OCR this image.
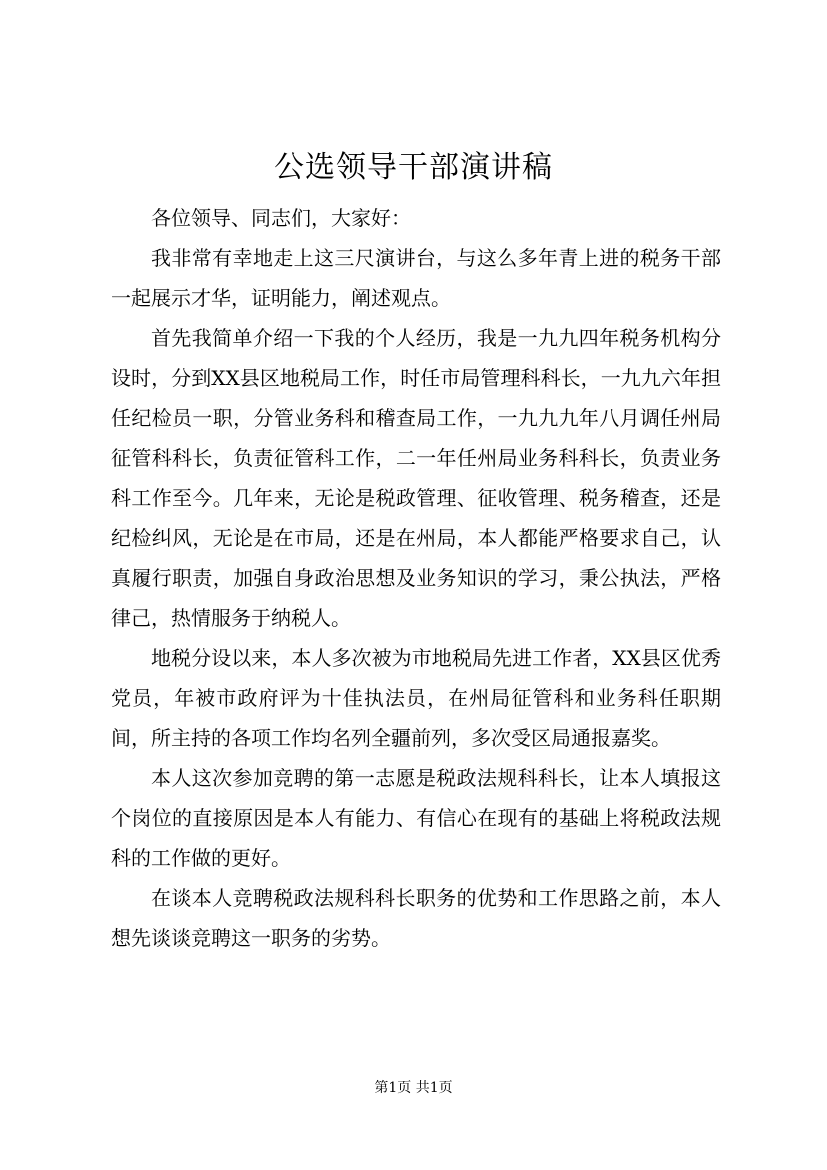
公选领导干部演讲稿

各位领导、同志们，大家好：

我非常有幸地走上这三尺演讲台，与这么多年青上进的税务干部一起展示才华，证明能力，阐述观点。

首先我简单介绍一下我的个人经历，我是一九九四年税务机构分设时，分到XX县区地税局工作，时任市局管理科科长，一九九六年担任纪检员一职，分管业务科和稽查局工作，一九九九年八月调任州局征管科科长，负责征管科工作，二一年任州局业务科科长，负责业务科工作至今。几年来，无论是税政管理、征收管理、税务稽查，还是纪检纠风，无论是在市局，还是在州局，本人都能严格要求自己，认真履行职责，加强自身政治思想及业务知识的学习，秉公执法，严格律己，热情服务于纳税人。

地税分设以来，本人多次被为市地税局先进工作者，XX县区优秀党员，年被市政府评为十佳执法员，在州局征管科和业务科任职期间，所主持的各项工作均名列全疆前列，多次受区局通报嘉奖。

本人这次参加竞聘的第一志愿是税政法规科科长，让本人填报这个岗位的直接原因是本人有能力、有信心在现有的基础上将税政法规科的工作做的更好。

在谈本人竞聘税政法规科科长职务的优势和工作思路之前，本人想先谈谈竞聘这一职务的劣势。

第1页 共1页
